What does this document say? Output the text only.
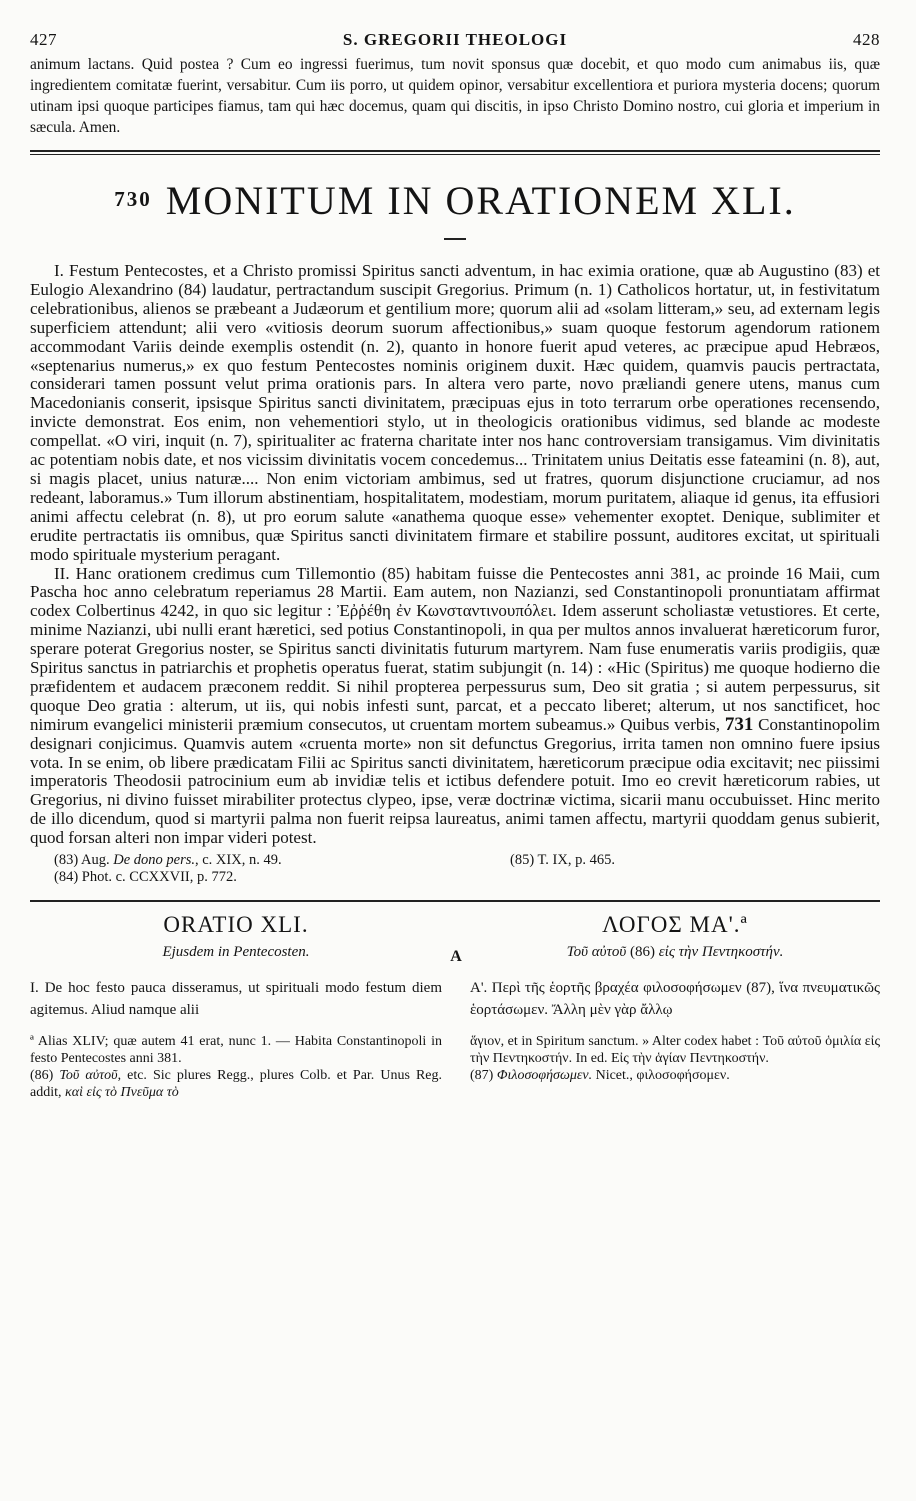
427	S. GREGORII THEOLOGI	428
animum lactans. Quid postea ? Cum eo ingressi fuerimus, tum novit sponsus quæ docebit, et quo modo cum animabus iis, quæ ingredientem comitatæ fuerint, versabitur. Cum iis porro, ut quidem opinor, versabitur excellentiora et puriora mysteria docens; quorum utinam ipsi quoque participes fiamus, tam qui hæc docemus, quam qui discitis, in ipso Christo Domino nostro, cui gloria et imperium in sæcula. Amen.
$^{730}$ MONITUM IN ORATIONEM XLI.

I. Festum Pentecostes, et a Christo promissi Spiritus sancti adventum, in hac eximia oratione, quæ ab Augustino (83) et Eulogio Alexandrino (84) laudatur, pertractandum suscipit Gregorius. Primum (n. 1) Catholicos hortatur, ut, in festivitatum celebrationibus, alienos se præbeant a Judæorum et gentilium more; quorum alii ad «solam litteram,» seu, ad externam legis superficiem attendunt; alii vero «vitiosis deorum suorum affectionibus,» suam quoque festorum agendorum rationem accommodant Variis deinde exemplis ostendit (n. 2), quanto in honore fuerit apud veteres, ac præcipue apud Hebræos, «septenarius numerus,» ex quo festum Pentecostes nominis originem duxit. Hæc quidem, quamvis paucis pertractata, considerari tamen possunt velut prima orationis pars. In altera vero parte, novo præliandi genere utens, manus cum Macedonianis conserit, ipsisque Spiritus sancti divinitatem, præcipuas ejus in toto terrarum orbe operationes recensendo, invicte demonstrat. Eos enim, non vehementiori stylo, ut in theologicis orationibus vidimus, sed blande ac modeste compellat. «O viri, inquit (n. 7), spiritualiter ac fraterna charitate inter nos hanc controversiam transigamus. Vim divinitatis ac potentiam nobis date, et nos vicissim divinitatis vocem concedemus... Trinitatem unius Deitatis esse fateamini (n. 8), aut, si magis placet, unius naturæ.... Non enim victoriam ambimus, sed ut fratres, quorum disjunctione cruciamur, ad nos redeant, laboramus.» Tum illorum abstinentiam, hospitalitatem, modestiam, morum puritatem, aliaque id genus, ita effusiori animi affectu celebrat (n. 8), ut pro eorum salute «anathema quoque esse» vehementer exoptet. Denique, sublimiter et erudite pertractatis iis omnibus, quæ Spiritus sancti divinitatem firmare et stabilire possunt, auditores excitat, ut spirituali modo spirituale mysterium peragant.

II. Hanc orationem credimus cum Tillemontio (85) habitam fuisse die Pentecostes anni 381, ac proinde 16 Maii, cum Pascha hoc anno celebratum reperiamus 28 Martii. Eam autem, non Nazianzi, sed Constantinopoli pronuntiatam affirmat codex Colbertinus 4242, in quo sic legitur : Ἐῤῥέθη ἐν Κωνσταντινουπόλει. Idem asserunt scholiastæ vetustiores. Et certe, minime Nazianzi, ubi nulli erant hæretici, sed potius Constantinopoli, in qua per multos annos invaluerat hæreticorum furor, sperare poterat Gregorius noster, se Spiritus sancti divinitatis futurum martyrem. Nam fuse enumeratis variis prodigiis, quæ Spiritus sanctus in patriarchis et prophetis operatus fuerat, statim subjungit (n. 14) : «Hic (Spiritus) me quoque hodierno die præfidentem et audacem præconem reddit. Si nihil propterea perpessurus sum, Deo sit gratia ; si autem perpessurus, sit quoque Deo gratia : alterum, ut iis, qui nobis infesti sunt, parcat, et a peccato liberet; alterum, ut nos sanctificet, hoc nimirum evangelici ministerii præmium consecutos, ut cruentam mortem subeamus.» Quibus verbis, 731 Constantinopolim designari conjicimus. Quamvis autem «cruenta morte» non sit defunctus Gregorius, irrita tamen non omnino fuere ipsius vota. In se enim, ob libere prædicatam Filii ac Spiritus sancti divinitatem, hæreticorum præcipue odia excitavit; nec piissimi imperatoris Theodosii patrocinium eum ab invidiæ telis et ictibus defendere potuit. Imo eo crevit hæreticorum rabies, ut Gregorius, ni divino fuisset mirabiliter protectus clypeo, ipse, veræ doctrinæ victima, sicarii manu occubuisset. Hinc merito de illo dicendum, quod si martyrii palma non fuerit reipsa laureatus, animi tamen affectu, martyrii quoddam genus subierit, quod forsan alteri non impar videri potest.

(83) Aug. De dono pers., c. XIX, n. 49.
(84) Phot. c. CCXXVII, p. 772.
(85) T. IX, p. 465.
ORATIO XLI.
Ejusdem in Pentecosten.
I. De hoc festo pauca disseramus, ut spirituali modo festum diem agitemus. Aliud namque alii

ª Alias XLIV; quæ autem 41 erat, nunc 1. — Habita Constantinopoli in festo Pentecostes anni 381.

(86) Τοῦ αὐτοῦ, etc. Sic plures Regg., plures Colb. et Par. Unus Reg. addit, καὶ εἰς τὸ Πνεῦμα τὸ

A
ΛΟΓΟΣ ΜΑ'.ª
Τοῦ αὐτοῦ (86) εἰς τὴν Πεντηκοστήν.
Α'. Περὶ τῆς ἑορτῆς βραχέα φιλοσοφήσωμεν (87), ἵνα πνευματικῶς ἑορτάσωμεν. Ἄλλη μὲν γὰρ ἄλλῳ

ἅγιον, et in Spiritum sanctum. » Alter codex habet : Τοῦ αὐτοῦ ὁμιλία εἰς τὴν Πεντηκοστήν. In ed. Εἰς τὴν ἁγίαν Πεντηκοστήν.

(87) Φιλοσοφήσωμεν. Nicet., φιλοσοφήσομεν.
